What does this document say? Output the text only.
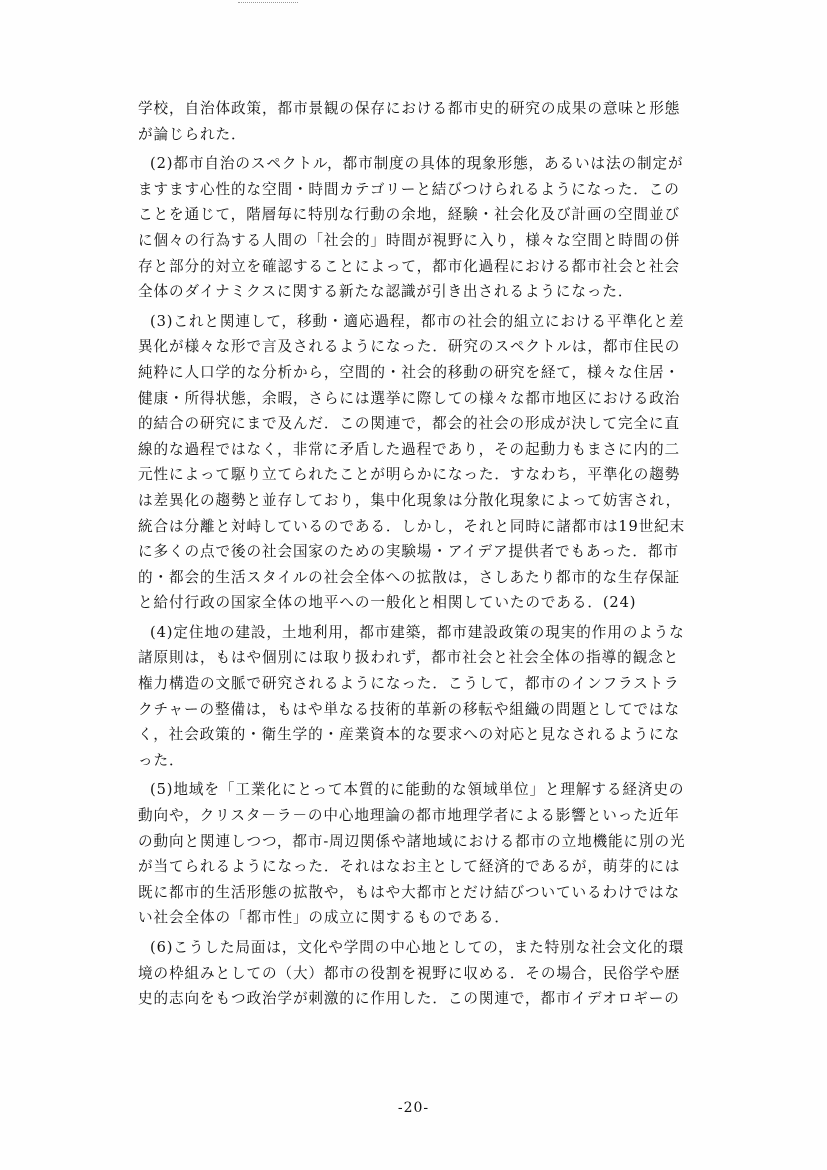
学校，自治体政策，都市景観の保存における都市史的研究の成果の意味と形態
が論じられた．
(2)都市自治のスペクトル，都市制度の具体的現象形態，あるいは法の制定が
ますます心性的な空間・時間カテゴリーと結びつけられるようになった．この
ことを通じて，階層毎に特別な行動の余地，経験・社会化及び計画の空間並び
に個々の行為する人間の「社会的」時間が視野に入り，様々な空間と時間の併
存と部分的対立を確認することによって，都市化過程における都市社会と社会
全体のダイナミクスに関する新たな認識が引き出されるようになった．
(3)これと関連して，移動・適応過程，都市の社会的組立における平準化と差
異化が様々な形で言及されるようになった．研究のスペクトルは，都市住民の
純粋に人口学的な分析から，空間的・社会的移動の研究を経て，様々な住居・
健康・所得状態，余暇，さらには選挙に際しての様々な都市地区における政治
的結合の研究にまで及んだ．この関連で，都会的社会の形成が決して完全に直
線的な過程ではなく，非常に矛盾した過程であり，その起動力もまさに内的二
元性によって駆り立てられたことが明らかになった．すなわち，平準化の趨勢
は差異化の趨勢と並存しており，集中化現象は分散化現象によって妨害され，
統合は分離と対峙しているのである．しかし，それと同時に諸都市は19世紀末
に多くの点で後の社会国家のための実験場・アイデア提供者でもあった．都市
的・都会的生活スタイルの社会全体への拡散は，さしあたり都市的な生存保証
と給付行政の国家全体の地平への一般化と相関していたのである．(24)
(4)定住地の建設，土地利用，都市建築，都市建設政策の現実的作用のような
諸原則は，もはや個別には取り扱われず，都市社会と社会全体の指導的観念と
権力構造の文脈で研究されるようになった．こうして，都市のインフラストラ
クチャーの整備は，もはや単なる技術的革新の移転や組織の問題としてではな
く，社会政策的・衛生学的・産業資本的な要求への対応と見なされるようにな
った．
(5)地域を「工業化にとって本質的に能動的な領域単位」と理解する経済史の
動向や，クリスタ－ラ－の中心地理論の都市地理学者による影響といった近年
の動向と関連しつつ，都市-周辺関係や諸地域における都市の立地機能に別の光
が当てられるようになった．それはなお主として経済的であるが，萌芽的には
既に都市的生活形態の拡散や，もはや大都市とだけ結びついているわけではな
い社会全体の「都市性」の成立に関するものである．
(6)こうした局面は，文化や学問の中心地としての，また特別な社会文化的環
境の枠組みとしての（大）都市の役割を視野に収める．その場合，民俗学や歴
史的志向をもつ政治学が刺激的に作用した．この関連で，都市イデオロギーの
-20-
